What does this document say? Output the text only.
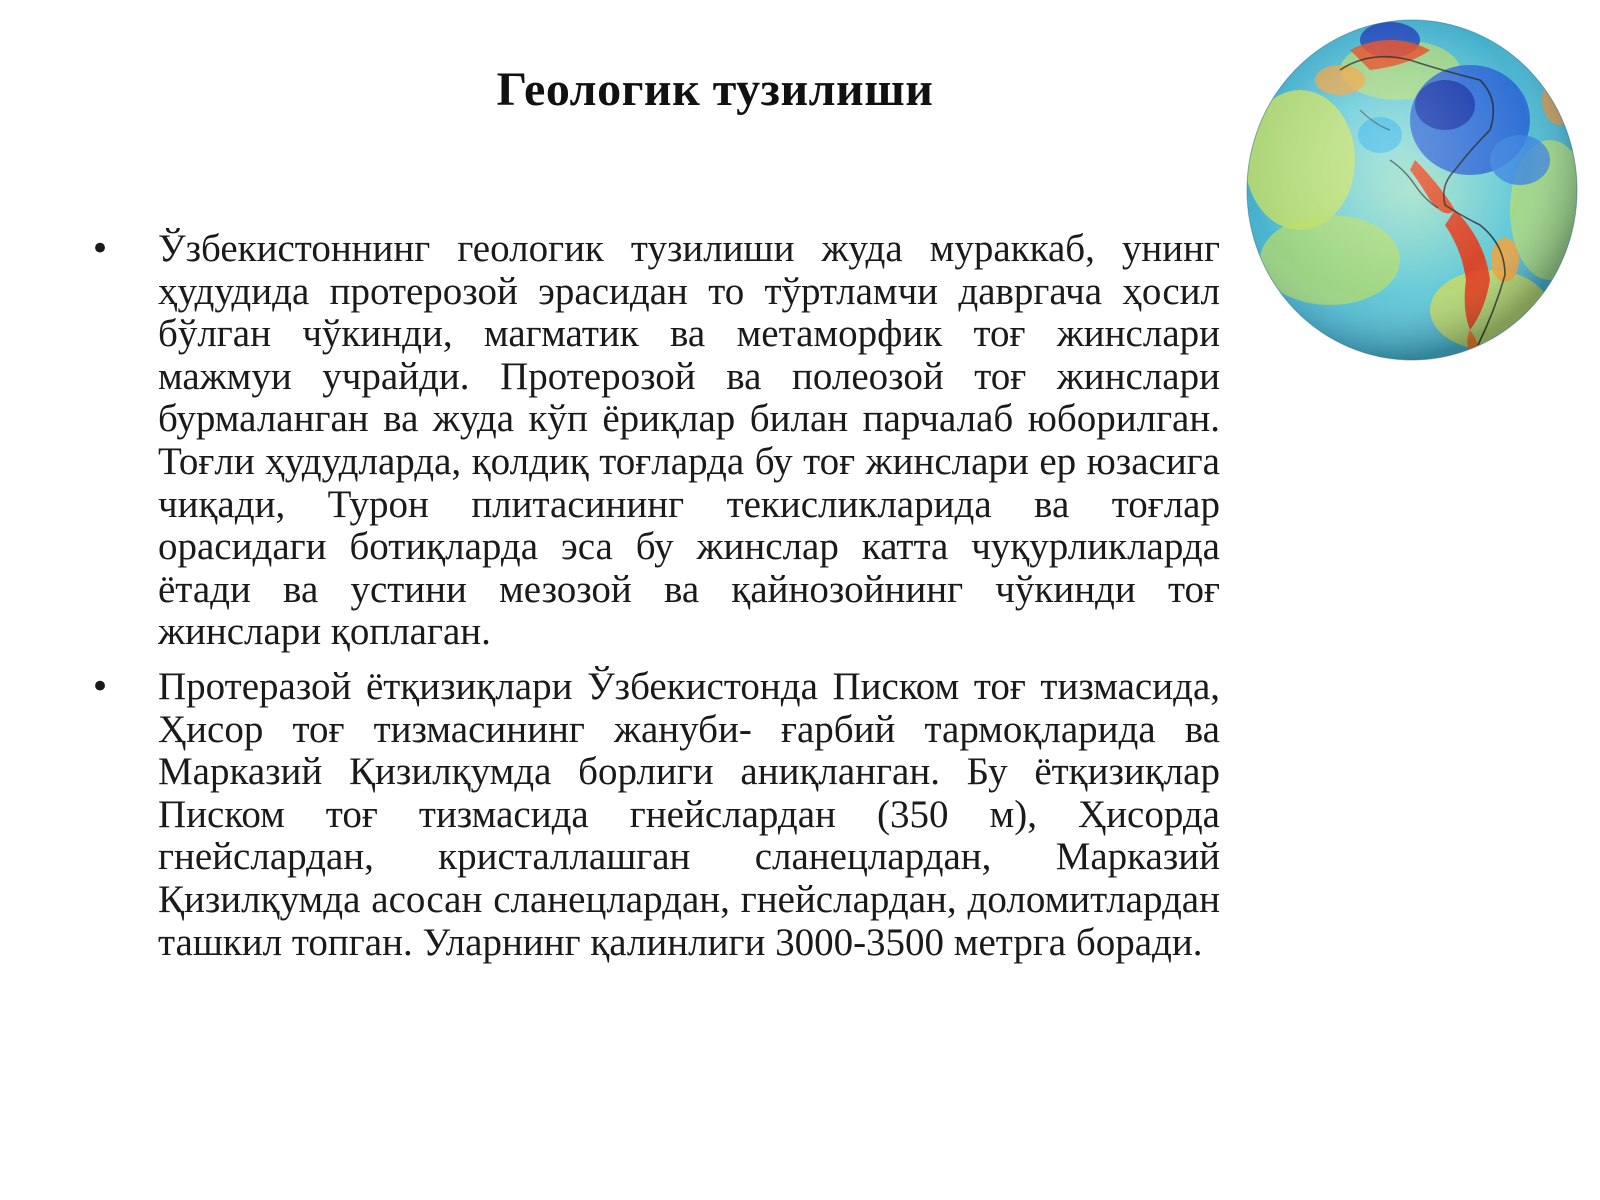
Геологик тузилиши
• Ўзбекистоннинг геологик тузилиши жуда мураккаб, унинг ҳудудида протерозой эрасидан то тўртламчи давргача ҳосил бўлган чўкинди, магматик ва метаморфик тоғ жинслари мажмуи учрайди. Протерозой ва полеозой тоғ жинслари бурмаланган ва жуда кўп ёриқлар билан парчалаб юборилган. Тоғли ҳудудларда, қолдиқ тоғларда бу тоғ жинслари ер юзасига чиқади, Турон плитасининг текисликларида ва тоғлар орасидаги ботиқларда эса бу жинслар катта чуқурликларда ётади ва устини мезозой ва қайнозойнинг чўкинди тоғ жинслари қоплаган.
• Протеразой ётқизиқлари Ўзбекистонда Писком тоғ тизмасида, Ҳисор тоғ тизмасининг жануби- ғарбий тармоқларида ва Марказий Қизилқумда борлиги аниқланган. Бу ётқизиқлар Писком тоғ тизмасида гнейслардан (350 м), Ҳисорда гнейслардан, кристаллашган сланецлардан, Марказий Қизилқумда асосан сланецлардан, гнейслардан, доломитлардан ташкил топган. Уларнинг қалинлиги 3000-3500 метрга боради.
